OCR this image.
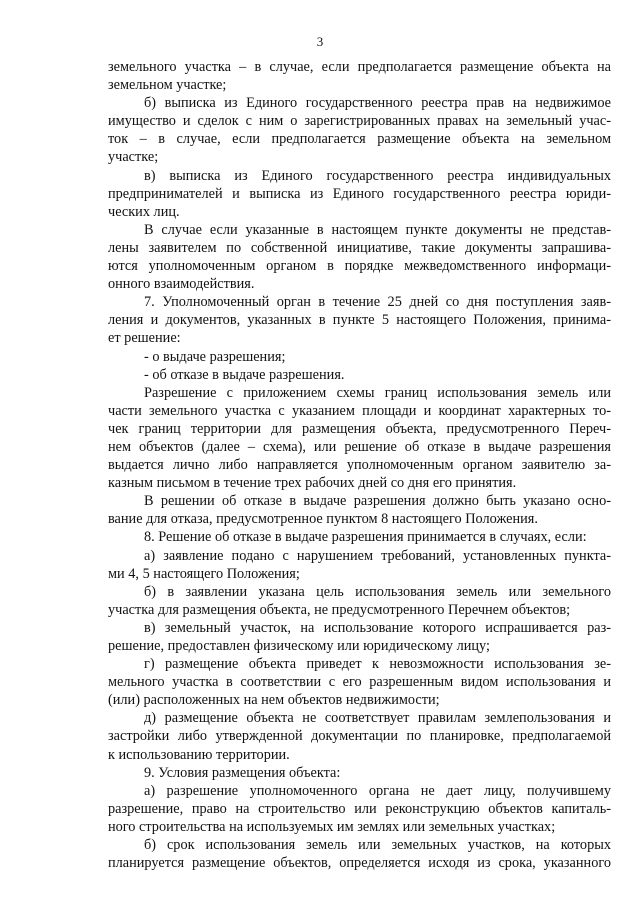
3
земельного участка – в случае, если предполагается размещение объекта на
земельном участке;
б) выписка из Единого государственного реестра прав на недвижимое
имущество и сделок с ним о зарегистрированных правах на земельный учас-
ток – в случае, если предполагается размещение объекта на земельном
участке;
в) выписка из Единого государственного реестра индивидуальных
предпринимателей и выписка из Единого государственного реестра юриди-
ческих лиц.
В случае если указанные в настоящем пункте документы не представ-
лены заявителем по собственной инициативе, такие документы запрашива-
ются уполномоченным органом в порядке межведомственного информаци-
онного взаимодействия.
7. Уполномоченный орган в течение 25 дней со дня поступления заяв-
ления и документов, указанных в пункте 5 настоящего Положения, принима-
ет решение:
- о выдаче разрешения;
- об отказе в выдаче разрешения.
Разрешение с приложением схемы границ использования земель или
части земельного участка с указанием площади и координат характерных то-
чек границ территории для размещения объекта, предусмотренного Переч-
нем объектов (далее – схема), или решение об отказе в выдаче разрешения
выдается лично либо направляется уполномоченным органом заявителю за-
казным письмом в течение трех рабочих дней со дня его принятия.
В решении об отказе в выдаче разрешения должно быть указано осно-
вание для отказа, предусмотренное пунктом 8 настоящего Положения.
8. Решение об отказе в выдаче разрешения принимается в случаях, если:
а) заявление подано с нарушением требований, установленных пункта-
ми 4, 5 настоящего Положения;
б) в заявлении указана цель использования земель или земельного
участка для размещения объекта, не предусмотренного Перечнем объектов;
в) земельный участок, на использование которого испрашивается раз-
решение, предоставлен физическому или юридическому лицу;
г) размещение объекта приведет к невозможности использования зе-
мельного участка в соответствии с его разрешенным видом использования и
(или) расположенных на нем объектов недвижимости;
д) размещение объекта не соответствует правилам землепользования и
застройки либо утвержденной документации по планировке, предполагаемой
к использованию территории.
9. Условия размещения объекта:
а) разрешение уполномоченного органа не дает лицу, получившему
разрешение, право на строительство или реконструкцию объектов капиталь-
ного строительства на используемых им землях или земельных участках;
б) срок использования земель или земельных участков, на которых
планируется размещение объектов, определяется исходя из срока, указанного
